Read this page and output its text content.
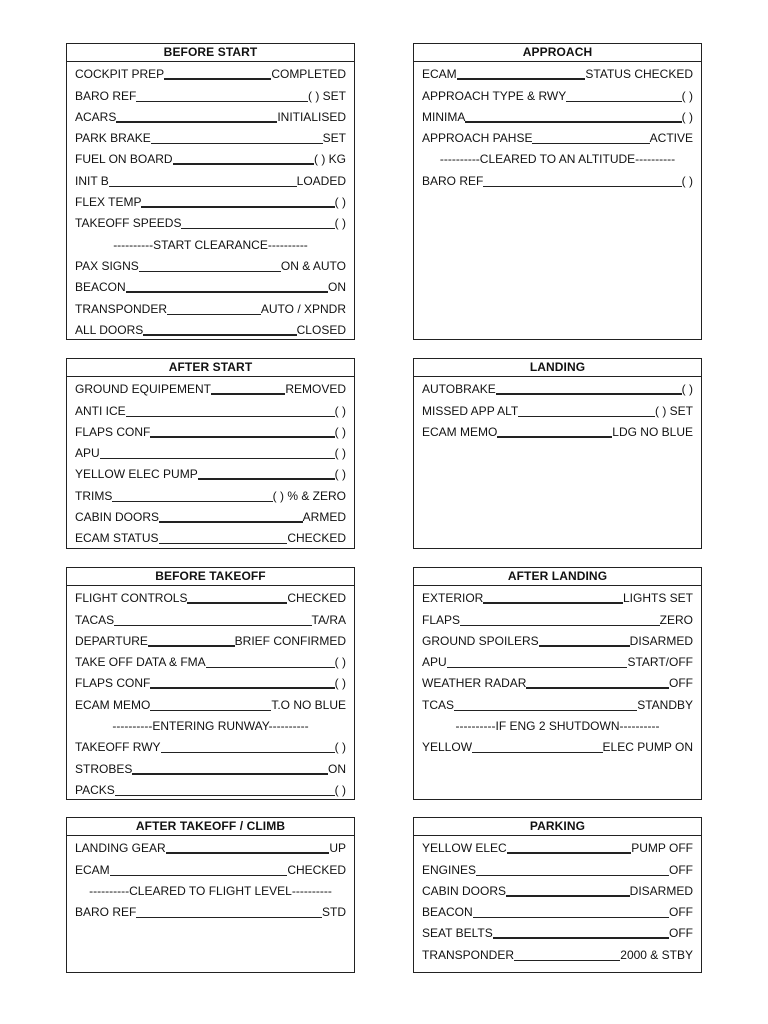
BEFORE START
COCKPIT PREP	COMPLETED
BARO REF	( ) SET
ACARS	INITIALISED
PARK BRAKE	SET
FUEL ON BOARD	( ) KG
INIT B	LOADED
FLEX TEMP	( )
TAKEOFF SPEEDS	( )
----------START CLEARANCE----------
PAX SIGNS	ON & AUTO
BEACON	ON
TRANSPONDER	AUTO / XPNDR
ALL DOORS	CLOSED
APPROACH
ECAM	STATUS CHECKED
APPROACH TYPE & RWY	( )
MINIMA	( )
APPROACH PAHSE	ACTIVE
----------CLEARED TO AN ALTITUDE----------
BARO REF	( )
AFTER START
GROUND EQUIPEMENT	REMOVED
ANTI ICE	( )
FLAPS CONF	( )
APU	( )
YELLOW ELEC PUMP	( )
TRIMS	( ) % & ZERO
CABIN DOORS	ARMED
ECAM STATUS	CHECKED
LANDING
AUTOBRAKE	( )
MISSED APP ALT	( ) SET
ECAM MEMO	LDG NO BLUE
BEFORE TAKEOFF
FLIGHT CONTROLS	CHECKED
TACAS	TA/RA
DEPARTURE	BRIEF CONFIRMED
TAKE OFF DATA & FMA	( )
FLAPS CONF	( )
ECAM MEMO	T.O NO BLUE
----------ENTERING RUNWAY----------
TAKEOFF RWY	( )
STROBES	ON
PACKS	( )
AFTER LANDING
EXTERIOR	LIGHTS SET
FLAPS	ZERO
GROUND SPOILERS	DISARMED
APU	START/OFF
WEATHER RADAR	OFF
TCAS	STANDBY
----------IF ENG 2 SHUTDOWN----------
YELLOW	ELEC PUMP ON
AFTER TAKEOFF / CLIMB
LANDING GEAR	UP
ECAM	CHECKED
----------CLEARED TO FLIGHT LEVEL----------
BARO REF	STD
PARKING
YELLOW ELEC	PUMP OFF
ENGINES	OFF
CABIN DOORS	DISARMED
BEACON	OFF
SEAT BELTS	OFF
TRANSPONDER	2000 & STBY
